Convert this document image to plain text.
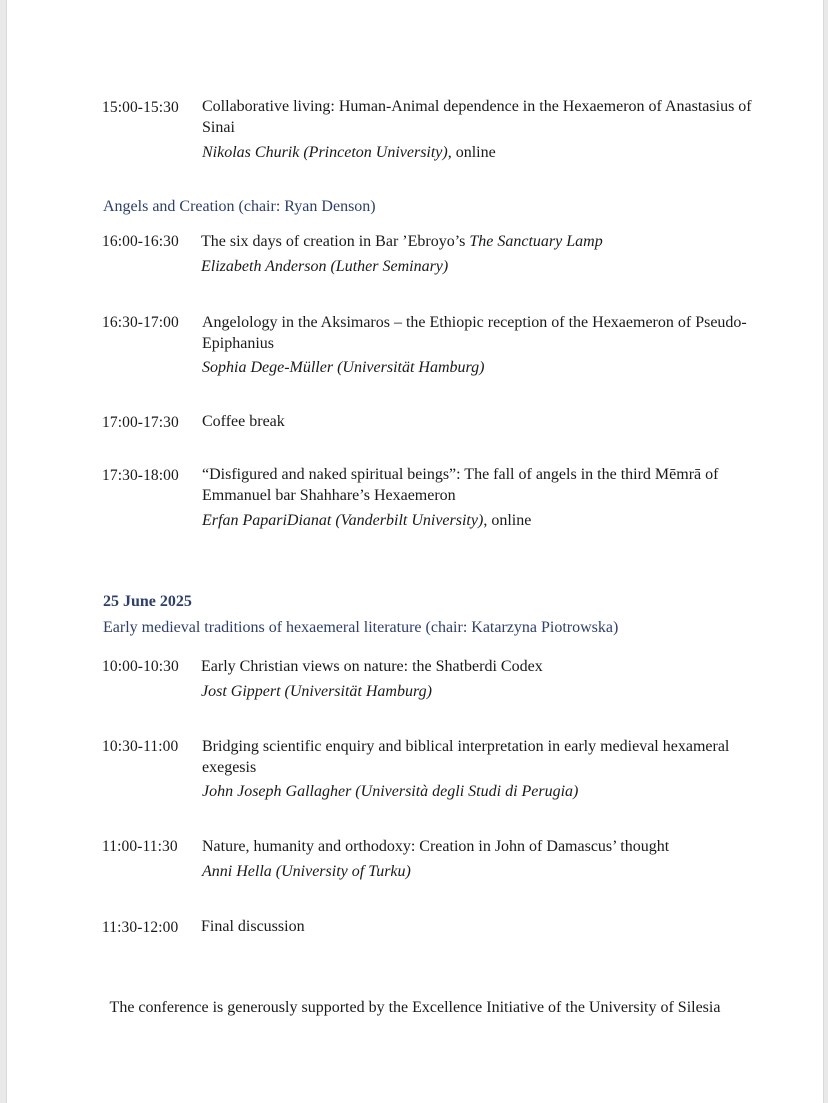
15:00-15:30 Collaborative living: Human-Animal dependence in the Hexaemeron of Anastasius of Sinai
Nikolas Churik (Princeton University), online
Angels and Creation (chair: Ryan Denson)
16:00-16:30 The six days of creation in Bar ’Ebroyo’s The Sanctuary Lamp
Elizabeth Anderson (Luther Seminary)
16:30-17:00 Angelology in the Aksimaros – the Ethiopic reception of the Hexaemeron of Pseudo-Epiphanius
Sophia Dege-Müller (Universität Hamburg)
17:00-17:30 Coffee break
17:30-18:00 “Disfigured and naked spiritual beings”: The fall of angels in the third Mēmrā of Emmanuel bar Shahhare’s Hexaemeron
Erfan PapariDianat (Vanderbilt University), online
25 June 2025
Early medieval traditions of hexaemeral literature (chair: Katarzyna Piotrowska)
10:00-10:30 Early Christian views on nature: the Shatberdi Codex
Jost Gippert (Universität Hamburg)
10:30-11:00 Bridging scientific enquiry and biblical interpretation in early medieval hexameral exegesis
John Joseph Gallagher (Università degli Studi di Perugia)
11:00-11:30 Nature, humanity and orthodoxy: Creation in John of Damascus’ thought
Anni Hella (University of Turku)
11:30-12:00 Final discussion
The conference is generously supported by the Excellence Initiative of the University of Silesia
